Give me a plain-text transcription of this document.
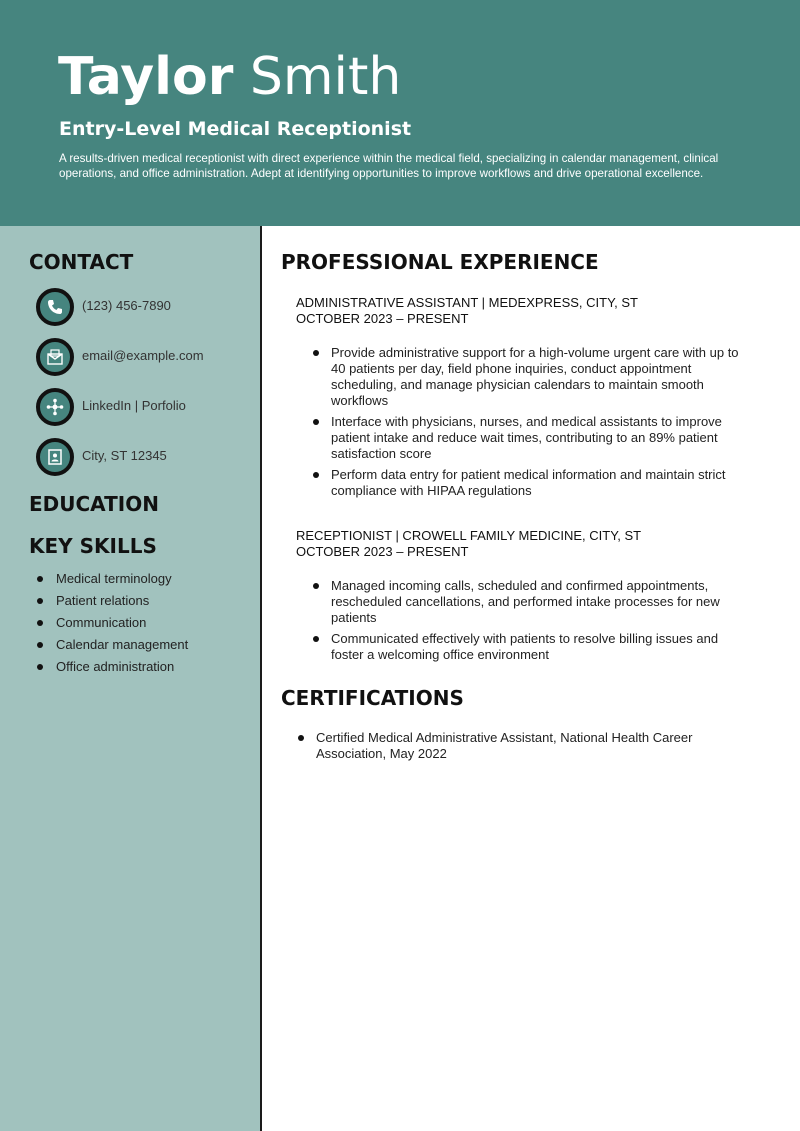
Taylor Smith
Entry-Level Medical Receptionist
A results-driven medical receptionist with direct experience within the medical field, specializing in calendar management, clinical operations, and office administration. Adept at identifying opportunities to improve workflows and drive operational excellence.
CONTACT
(123) 456-7890
email@example.com
LinkedIn | Porfolio
City, ST 12345
EDUCATION
KEY SKILLS
Medical terminology
Patient relations
Communication
Calendar management
Office administration
PROFESSIONAL EXPERIENCE
ADMINISTRATIVE ASSISTANT | MEDEXPRESS, CITY, ST
OCTOBER 2023 – PRESENT
Provide administrative support for a high-volume urgent care with up to 40 patients per day, field phone inquiries, conduct appointment scheduling, and manage physician calendars to maintain smooth workflows
Interface with physicians, nurses, and medical assistants to improve patient intake and reduce wait times, contributing to an 89% patient satisfaction score
Perform data entry for patient medical information and maintain strict compliance with HIPAA regulations
RECEPTIONIST | CROWELL FAMILY MEDICINE, CITY, ST
OCTOBER 2023 – PRESENT
Managed incoming calls, scheduled and confirmed appointments, rescheduled cancellations, and performed intake processes for new patients
Communicated effectively with patients to resolve billing issues and foster a welcoming office environment
CERTIFICATIONS
Certified Medical Administrative Assistant, National Health Career Association, May 2022
